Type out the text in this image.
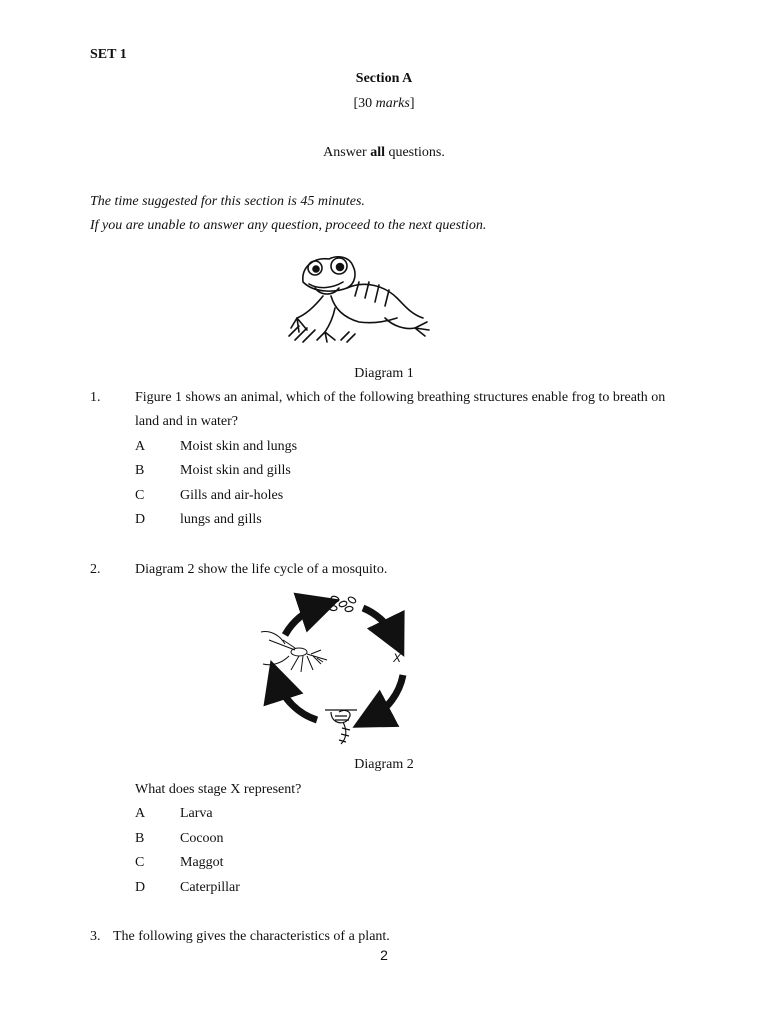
SET 1
Section A
[30 marks]
Answer all questions.
The time suggested for this section is 45 minutes.
If you are unable to answer any question, proceed to the next question.
Diagram 1
1. Figure 1 shows an animal, which of the following breathing structures enable frog to breath on
land and in water?
A Moist skin and lungs
B	Moist skin and gills
C	Gills and air-holes
D lungs and gills
2. Diagram 2 show the life cycle of a mosquito.
X
Diagram 2
What does stage X represent?
A Larva
B	Cocoon
C	Maggot
D Caterpillar
3. The following gives the characteristics of a plant.
2
